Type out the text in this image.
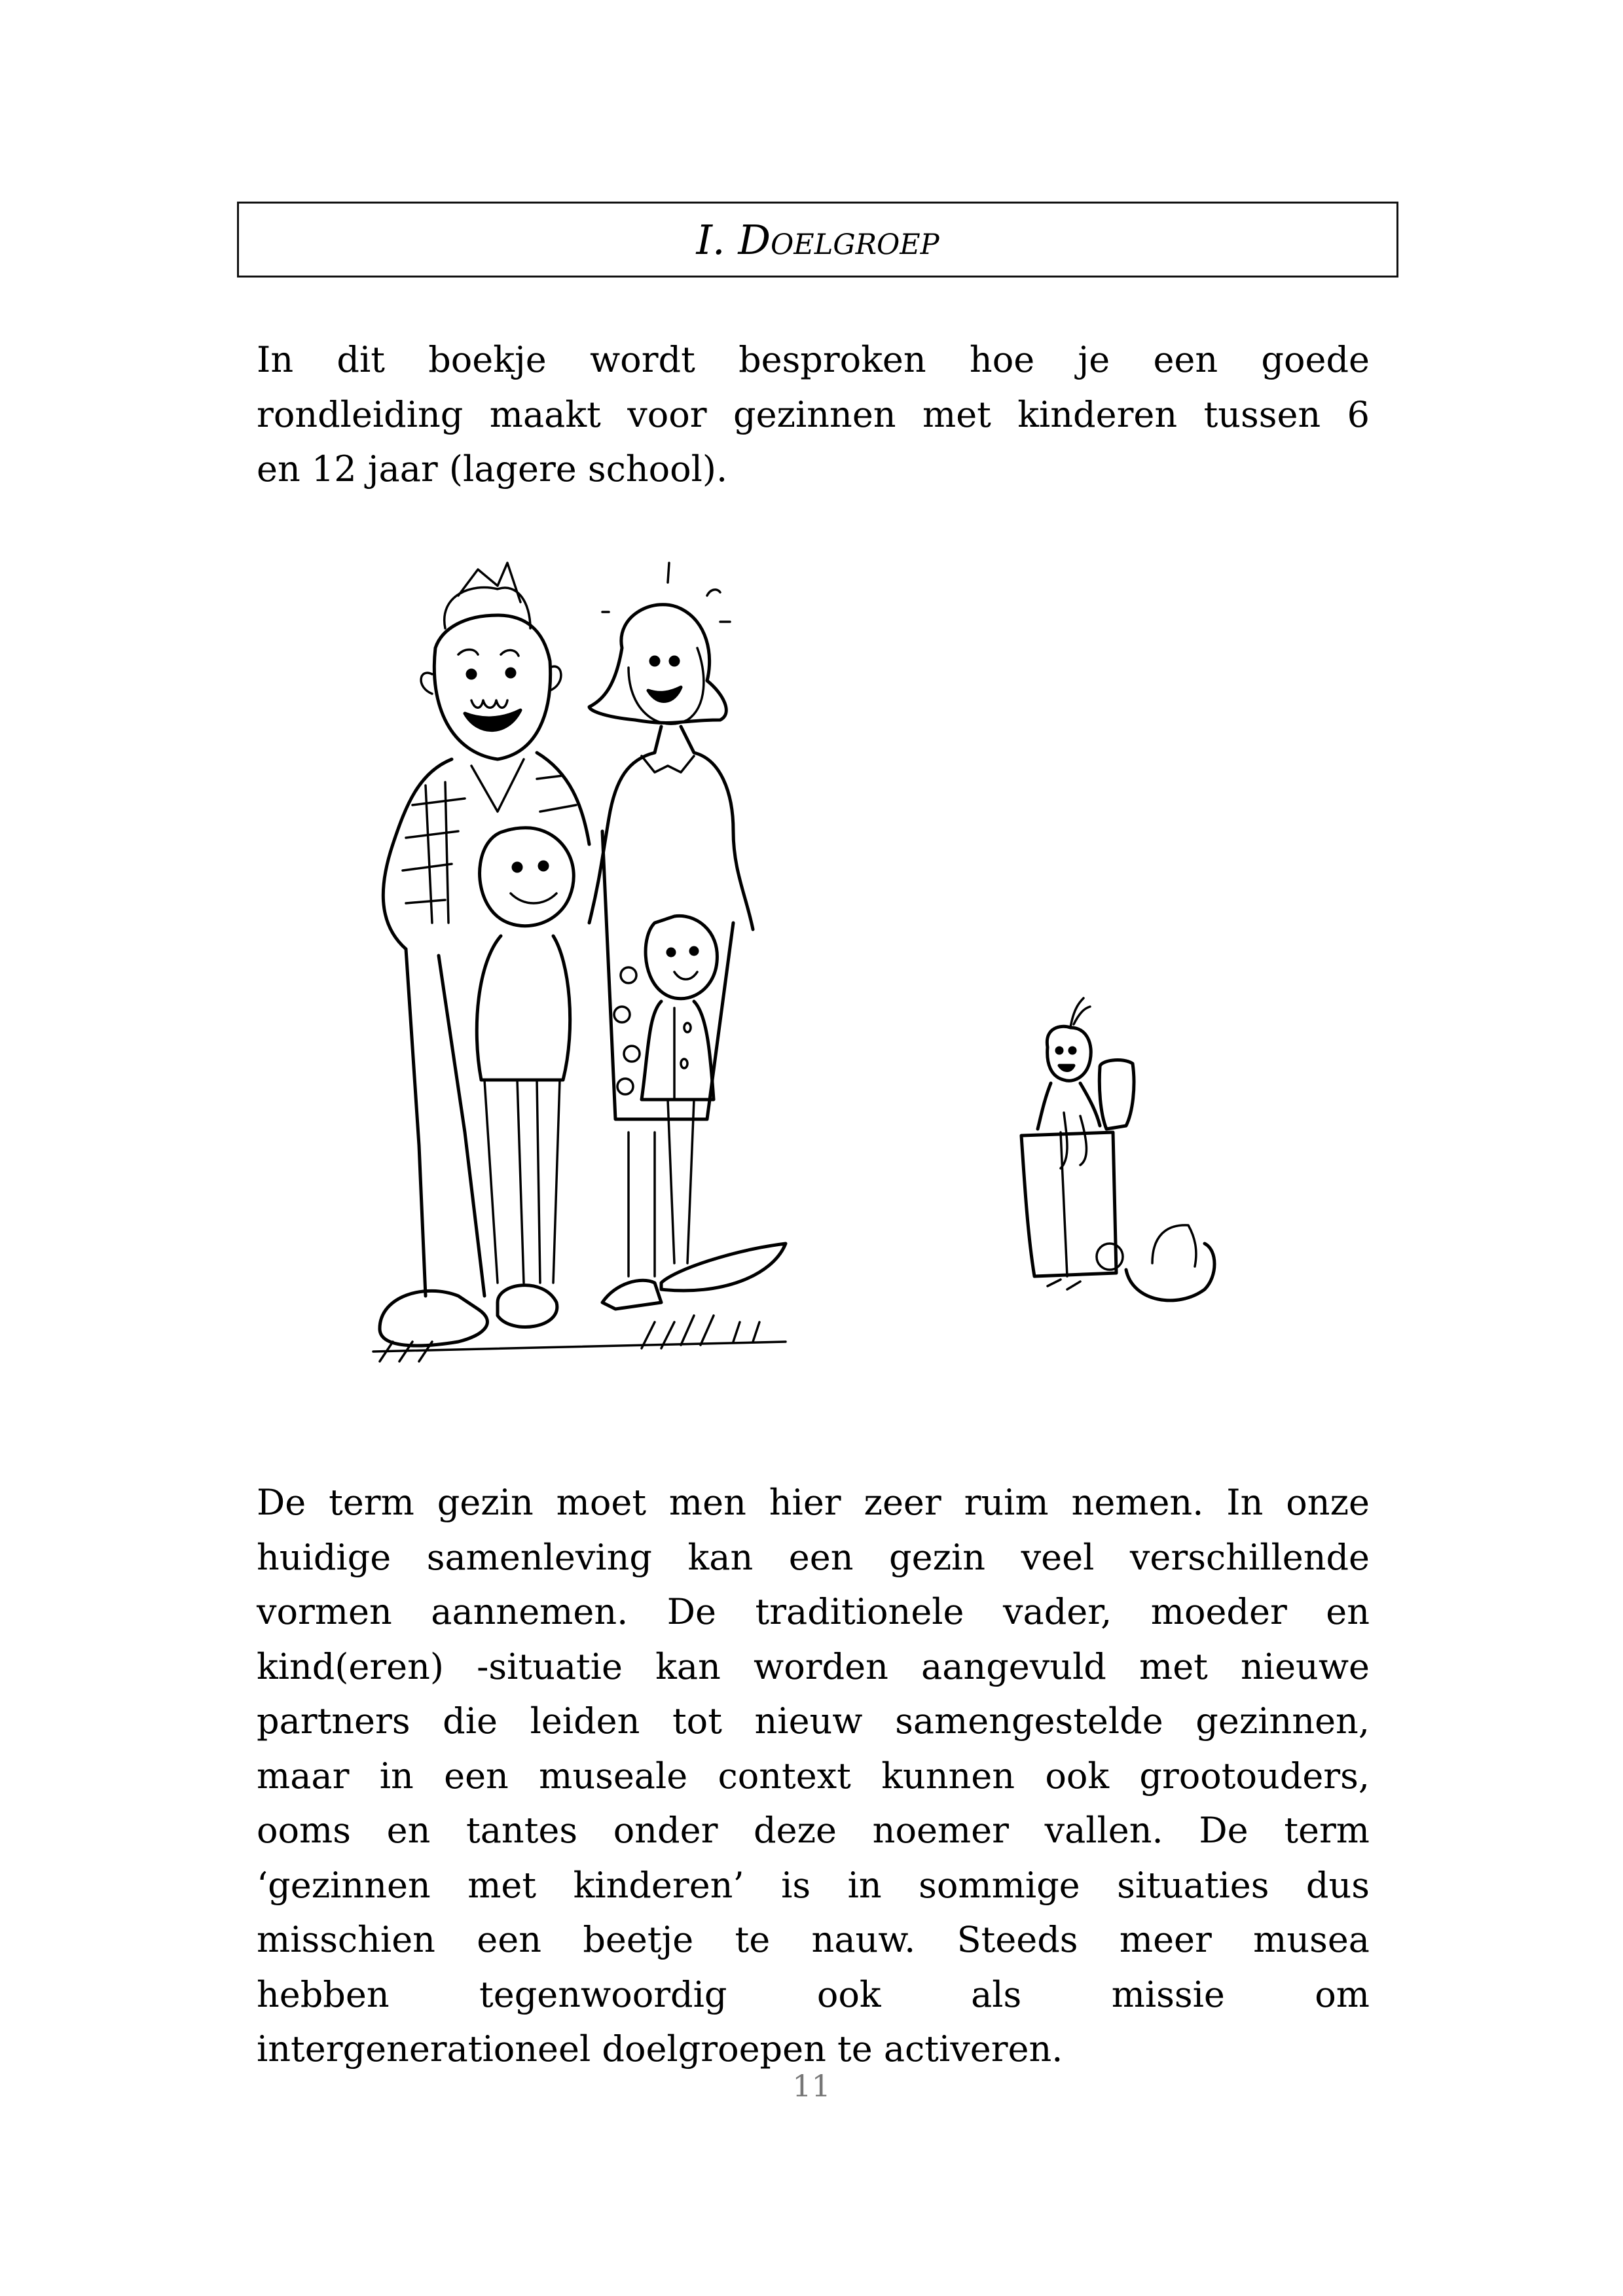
I. Doelgroep
In dit boekje wordt besproken hoe je een goede
rondleiding maakt voor gezinnen met kinderen tussen 6
en 12 jaar (lagere school).
De term gezin moet men hier zeer ruim nemen. In onze
huidige samenleving kan een gezin veel verschillende
vormen aannemen. De traditionele vader, moeder en
kind(eren) -situatie kan worden aangevuld met nieuwe
partners die leiden tot nieuw samengestelde gezinnen,
maar in een museale context kunnen ook grootouders,
ooms en tantes onder deze noemer vallen. De term
‘gezinnen met kinderen’ is in sommige situaties dus
misschien een beetje te nauw. Steeds meer musea
hebben tegenwoordig ook als missie om
intergenerationeel doelgroepen te activeren.
11
